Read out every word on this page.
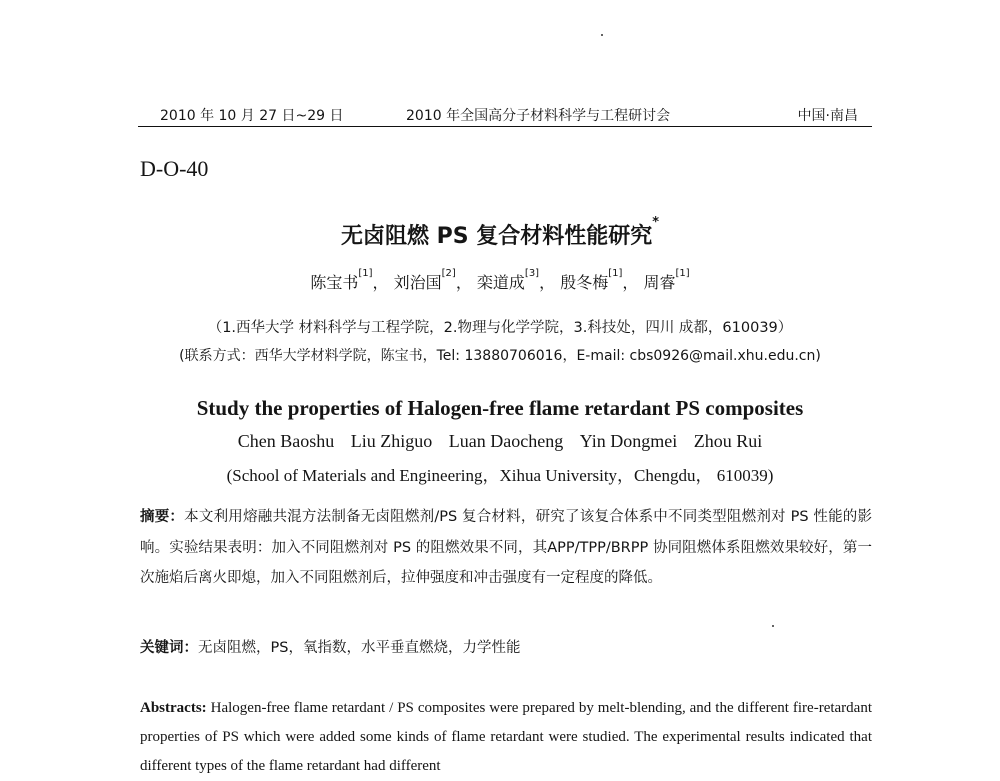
2010 年 10 月 27 日~29 日	2010 年全国高分子材料科学与工程研讨会	中国·南昌
D-O-40
无卤阻燃 PS 复合材料性能研究*
陈宝书[1]， 刘治国[2]， 栾道成[3]， 殷冬梅[1]， 周睿[1]
（1.西华大学 材料科学与工程学院，2.物理与化学学院，3.科技处，四川 成都，610039）
(联系方式：西华大学材料学院，陈宝书，Tel: 13880706016，E-mail: cbs0926@mail.xhu.edu.cn)
Study the properties of Halogen-free flame retardant PS composites
Chen Baoshu Liu Zhiguo Luan Daocheng Yin Dongmei Zhou Rui
(School of Materials and Engineering，Xihua University，Chengdu， 610039)
摘要：本文利用熔融共混方法制备无卤阻燃剂/PS 复合材料，研究了该复合体系中不同类型阻燃剂对 PS 性能的影响。实验结果表明：加入不同阻燃剂对 PS 的阻燃效果不同，其APP/TPP/BRPP 协同阻燃体系阻燃效果较好，第一次施焰后离火即熄，加入不同阻燃剂后，拉伸强度和冲击强度有一定程度的降低。
关键词：无卤阻燃，PS，氧指数，水平垂直燃烧，力学性能
Abstracts: Halogen-free flame retardant / PS composites were prepared by melt-blending, and the different fire-retardant properties of PS which were added some kinds of flame retardant were studied. The experimental results indicated that different types of the flame retardant had different
